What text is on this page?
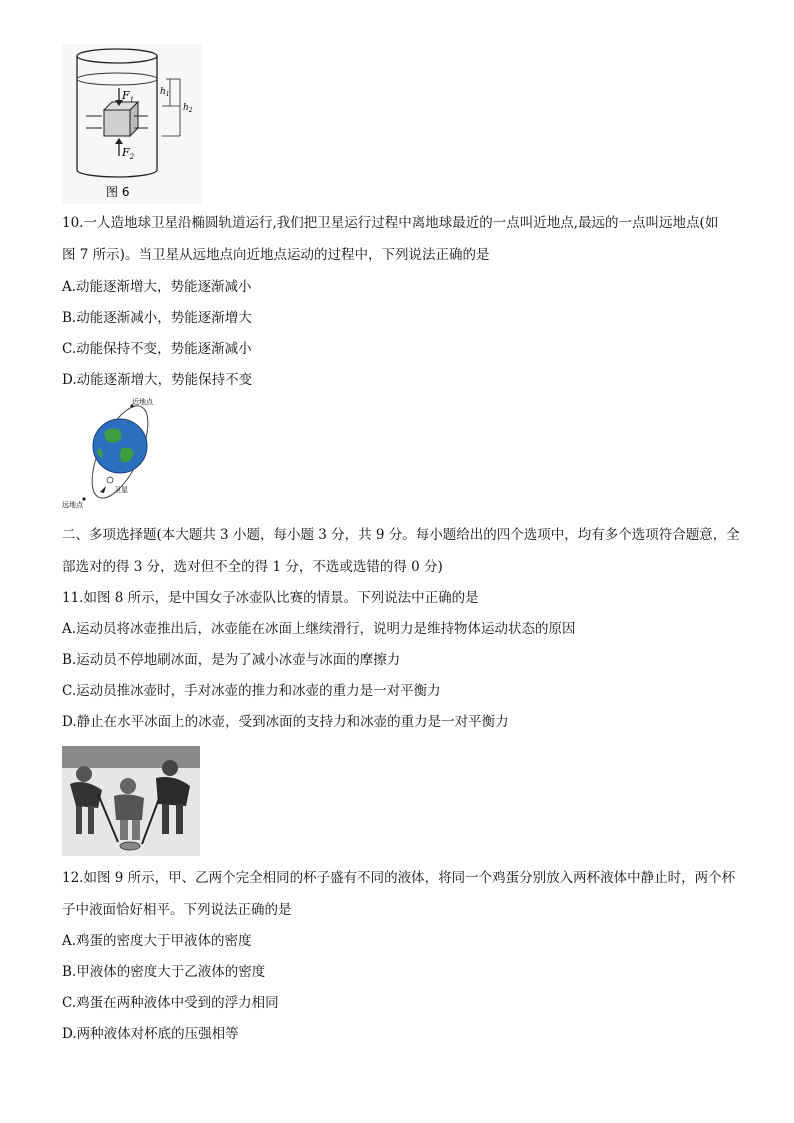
$F_1$
$F_2$
$h_1$
$h_2$
图 6
10.一人造地球卫星沿椭圆轨道运行,我们把卫星运行过程中离地球最近的一点叫近地点,最远的一点叫远地点(如
图 7 所示)。当卫星从远地点向近地点运动的过程中，下列说法正确的是
A.动能逐渐增大，势能逐渐减小
B.动能逐渐减小，势能逐渐增大
C.动能保持不变，势能逐渐减小
D.动能逐渐增大，势能保持不变
近地点
远地点
卫星
二、多项选择题(本大题共 3 小题，每小题 3 分，共 9 分。每小题给出的四个选项中，均有多个选项符合题意，全
部选对的得 3 分，选对但不全的得 1 分，不选或选错的得 0 分)
11.如图 8 所示，是中国女子冰壶队比赛的情景。下列说法中正确的是
A.运动员将冰壶推出后，冰壶能在冰面上继续滑行，说明力是维持物体运动状态的原因
B.运动员不停地刷冰面，是为了减小冰壶与冰面的摩擦力
C.运动员推冰壶时，手对冰壶的推力和冰壶的重力是一对平衡力
D.静止在水平冰面上的冰壶，受到冰面的支持力和冰壶的重力是一对平衡力
12.如图 9 所示，甲、乙两个完全相同的杯子盛有不同的液体，将同一个鸡蛋分别放入两杯液体中静止时，两个杯
子中液面恰好相平。下列说法正确的是
A.鸡蛋的密度大于甲液体的密度
B.甲液体的密度大于乙液体的密度
C.鸡蛋在两种液体中受到的浮力相同
D.两种液体对杯底的压强相等
